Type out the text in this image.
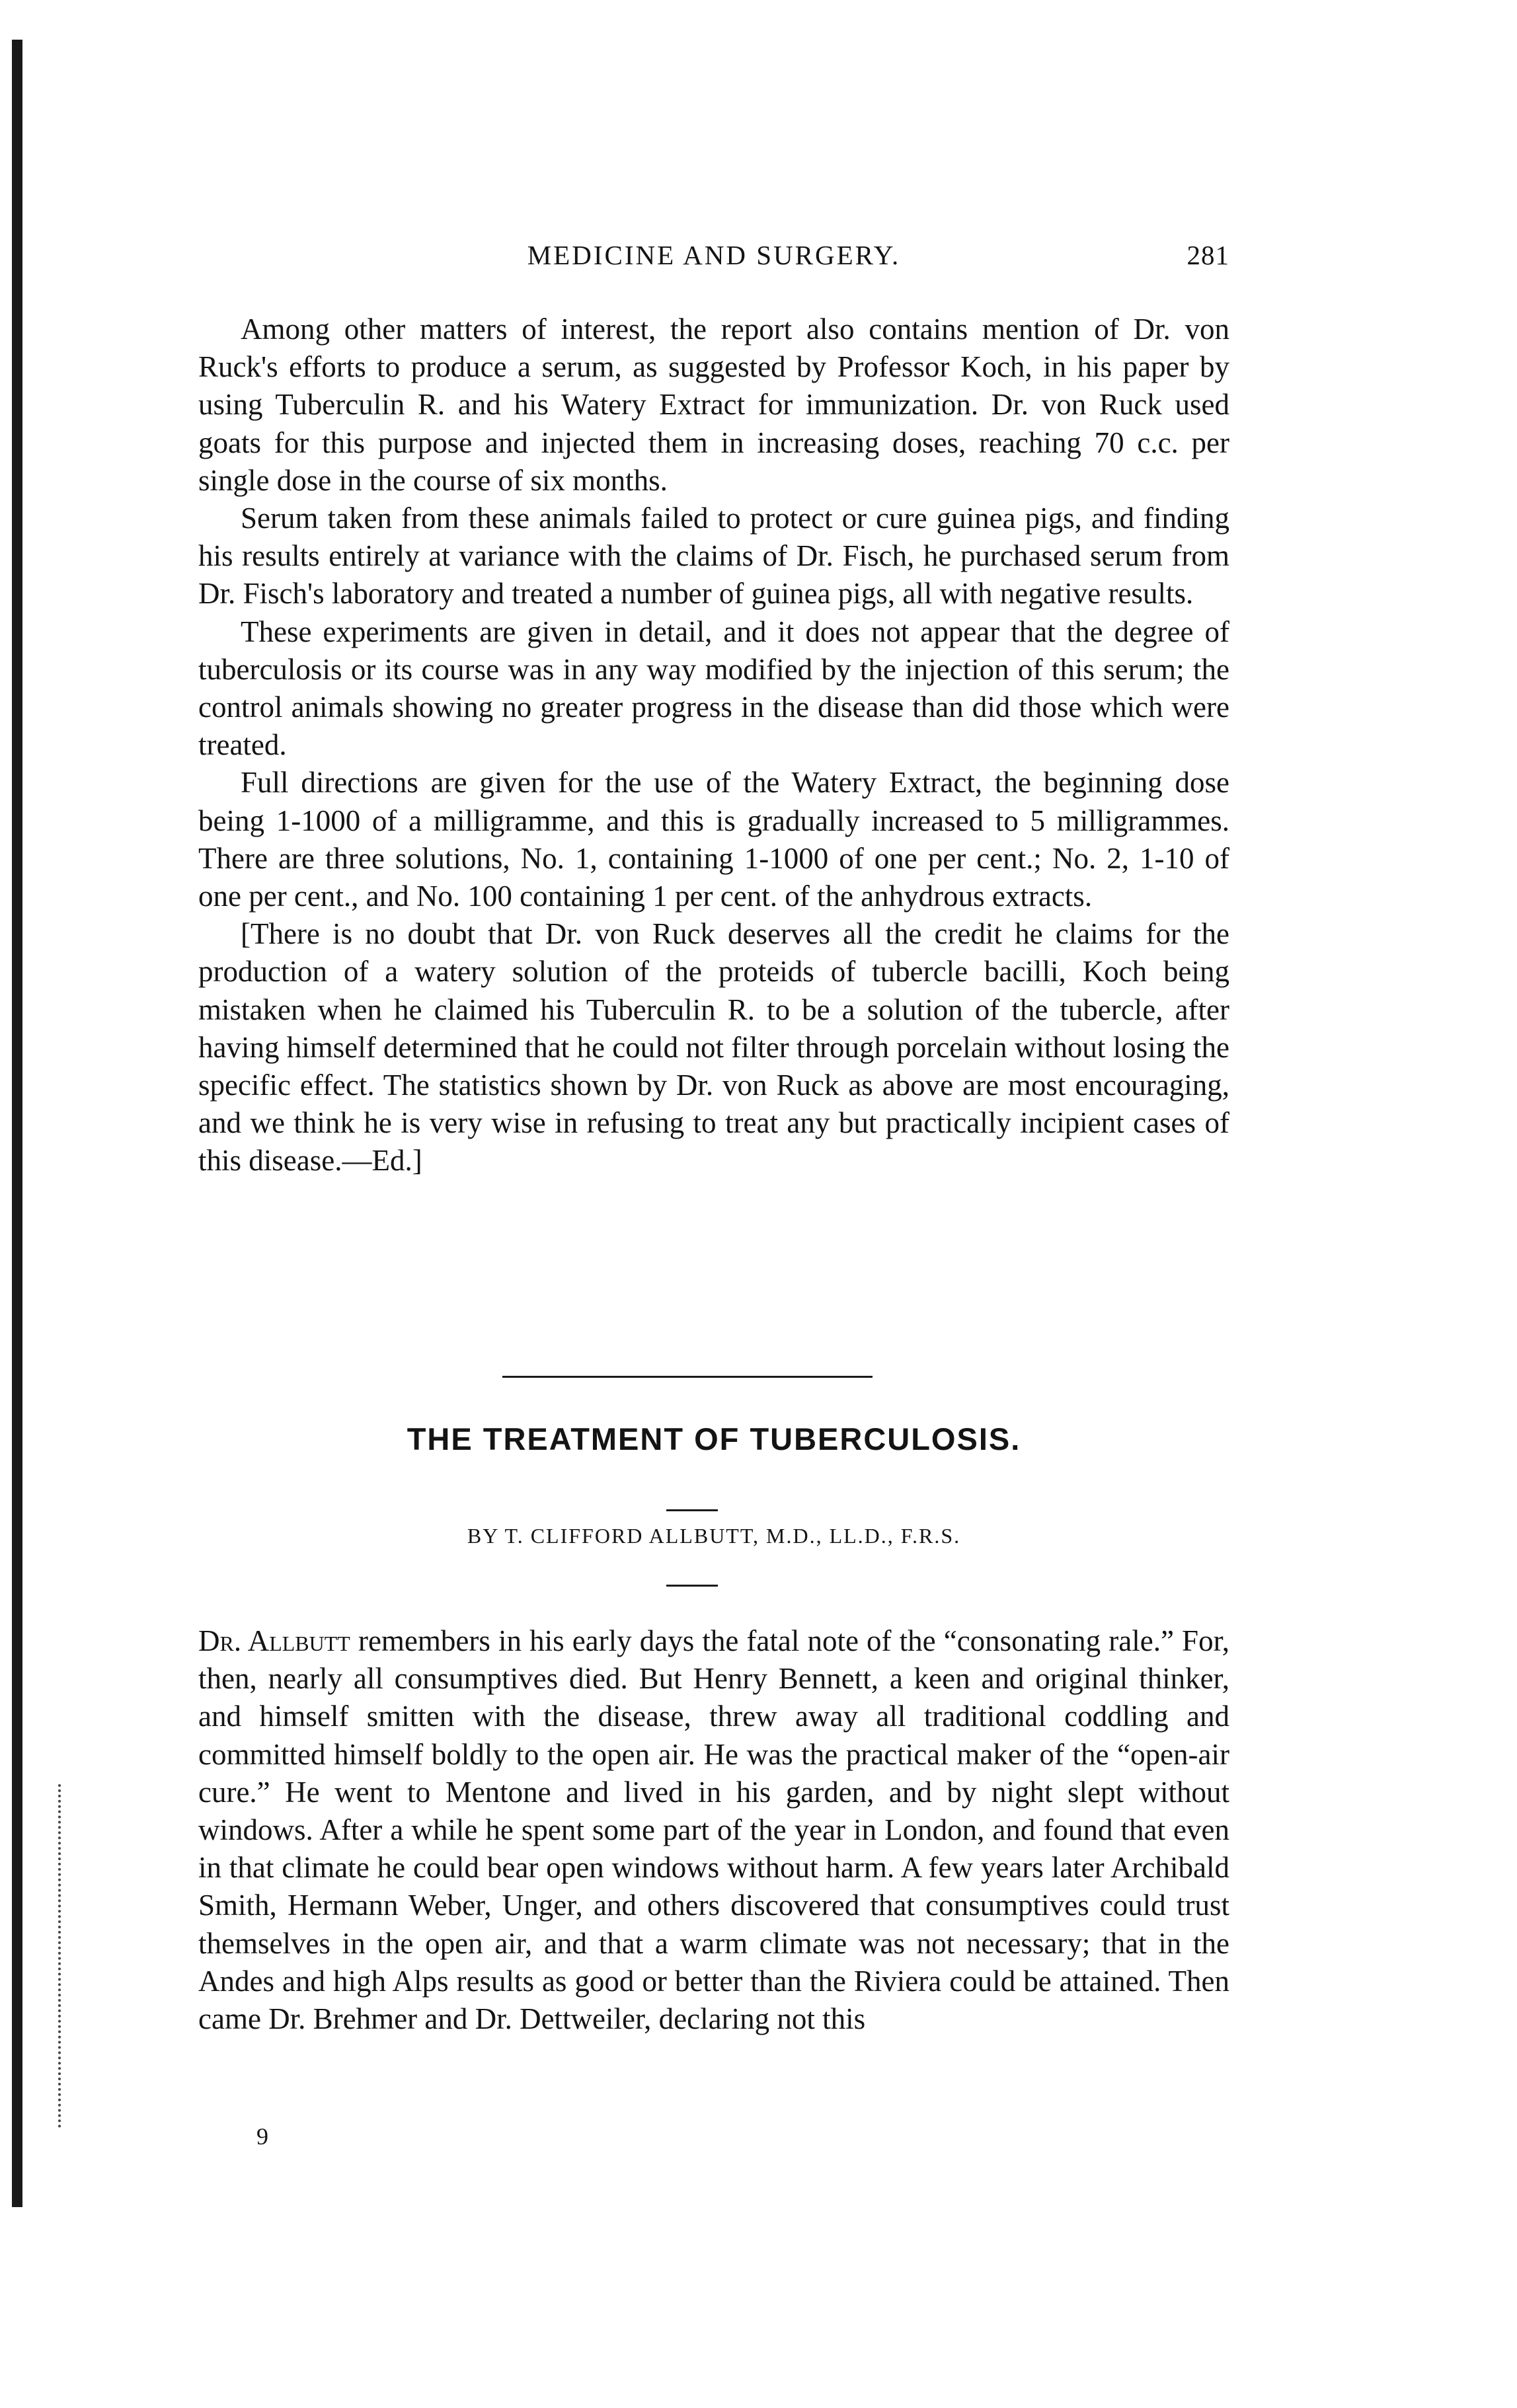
MEDICINE AND SURGERY.	281

Among other matters of interest, the report also contains mention of Dr. von Ruck's efforts to produce a serum, as suggested by Professor Koch, in his paper by using Tuberculin R. and his Watery Extract for immunization. Dr. von Ruck used goats for this purpose and injected them in increasing doses, reaching 70 c.c. per single dose in the course of six months.

Serum taken from these animals failed to protect or cure guinea pigs, and finding his results entirely at variance with the claims of Dr. Fisch, he purchased serum from Dr. Fisch's laboratory and treated a number of guinea pigs, all with negative results.

These experiments are given in detail, and it does not appear that the degree of tuberculosis or its course was in any way modified by the injection of this serum; the control animals showing no greater progress in the disease than did those which were treated.

Full directions are given for the use of the Watery Extract, the beginning dose being 1-1000 of a milligramme, and this is gradually increased to 5 milligrammes. There are three solutions, No. 1, containing 1-1000 of one per cent.; No. 2, 1-10 of one per cent., and No. 100 containing 1 per cent. of the anhydrous extracts.

[There is no doubt that Dr. von Ruck deserves all the credit he claims for the production of a watery solution of the proteids of tubercle bacilli, Koch being mistaken when he claimed his Tuberculin R. to be a solution of the tubercle, after having himself determined that he could not filter through porcelain without losing the specific effect. The statistics shown by Dr. von Ruck as above are most encouraging, and we think he is very wise in refusing to treat any but practically incipient cases of this disease.—Ed.]

THE TREATMENT OF TUBERCULOSIS.
BY T. CLIFFORD ALLBUTT, M.D., LL.D., F.R.S.

Dr. Allbutt remembers in his early days the fatal note of the “consonating rale.” For, then, nearly all consumptives died. But Henry Bennett, a keen and original thinker, and himself smitten with the disease, threw away all traditional coddling and committed himself boldly to the open air. He was the practical maker of the “open-air cure.” He went to Mentone and lived in his garden, and by night slept without windows. After a while he spent some part of the year in London, and found that even in that climate he could bear open windows without harm. A few years later Archibald Smith, Hermann Weber, Unger, and others discovered that consumptives could trust themselves in the open air, and that a warm climate was not necessary; that in the Andes and high Alps results as good or better than the Riviera could be attained. Then came Dr. Brehmer and Dr. Dettweiler, declaring not this

9
